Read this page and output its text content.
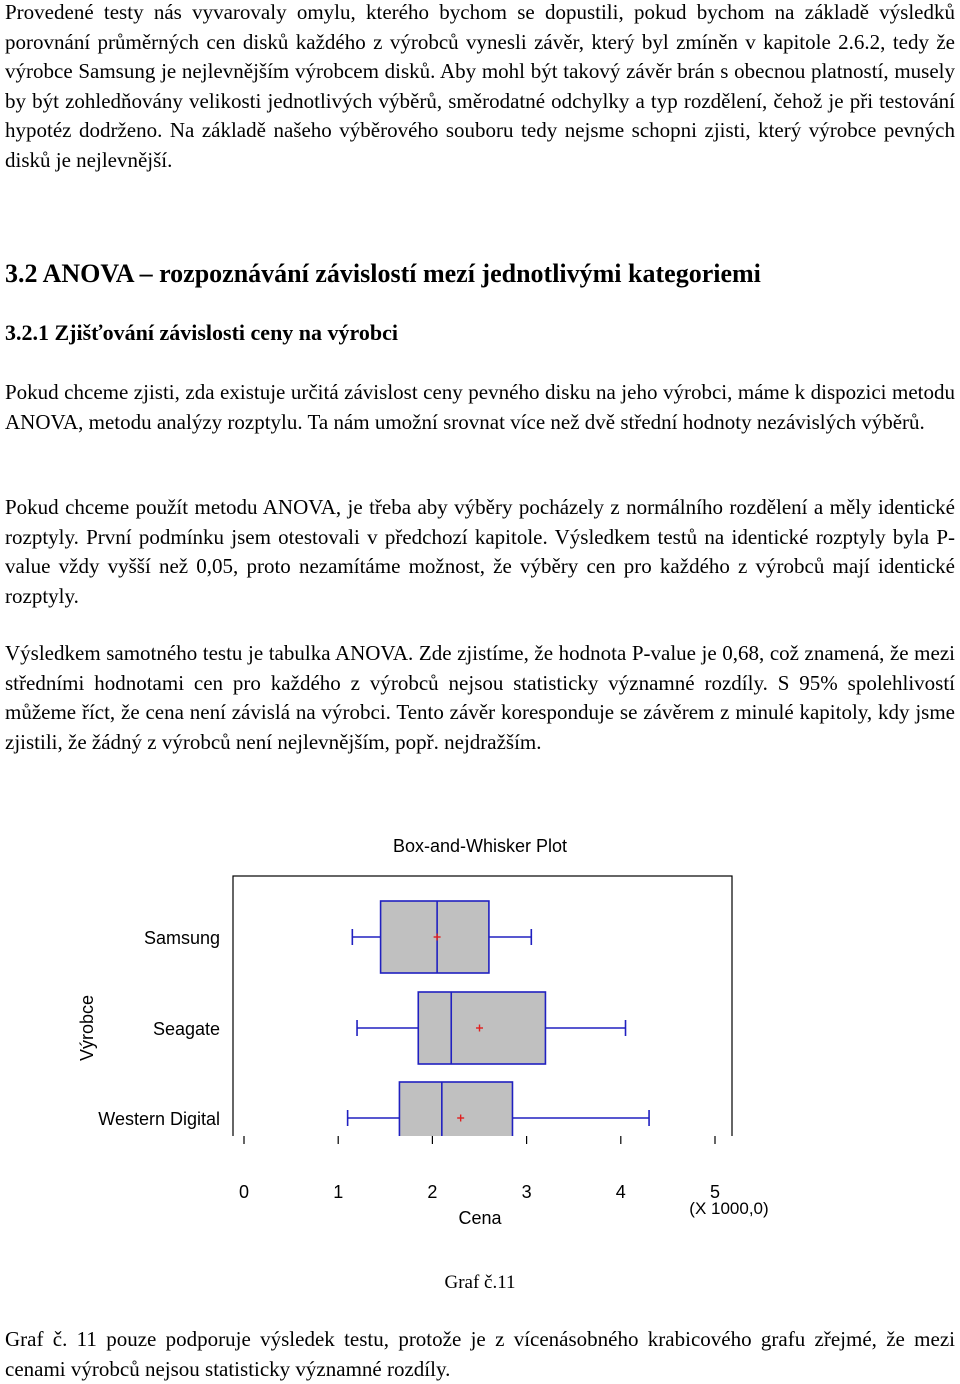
Provedené testy nás vyvarovaly omylu, kterého bychom se dopustili, pokud bychom na základě výsledků porovnání průměrných cen disků každého z výrobců vynesli závěr, který byl zmíněn v kapitole 2.6.2, tedy že výrobce Samsung je nejlevnějším výrobcem disků. Aby mohl být takový závěr brán s obecnou platností, musely by být zohledňovány velikosti jednotlivých výběrů, směrodatné odchylky a typ rozdělení, čehož je při testování hypotéz dodrženo. Na základě našeho výběrového souboru tedy nejsme schopni zjisti, který výrobce pevných disků je nejlevnější.

3.2 ANOVA – rozpoznávání závislostí mezí jednotlivými kategoriemi
3.2.1 Zjišťování závislosti ceny na výrobci

Pokud chceme zjisti, zda existuje určitá závislost ceny pevného disku na jeho výrobci, máme k dispozici metodu ANOVA, metodu analýzy rozptylu. Ta nám umožní srovnat více než dvě střední hodnoty nezávislých výběrů.

Pokud chceme použít metodu ANOVA, je třeba aby výběry pocházely z normálního rozdělení a měly identické rozptyly. První podmínku jsem otestovali v předchozí kapitole. Výsledkem testů na identické rozptyly byla P-value vždy vyšší než 0,05, proto nezamítáme možnost, že výběry cen pro každého z výrobců mají identické rozptyly.

Výsledkem samotného testu je tabulka ANOVA. Zde zjistíme, že hodnota P-value je 0,68, což znamená, že mezi středními hodnotami cen pro každého z výrobců nejsou statisticky významné rozdíly. S 95% spolehlivostí můžeme říct, že cena není závislá na výrobci. Tento závěr koresponduje se závěrem z minulé kapitoly, kdy jsme zjistili, že žádný z výrobců není nejlevnějším, popř. nejdražším.

Box-and-Whisker Plot
Samsung
Seagate
Western Digital
Výrobce
0	1	2	3	4	5
Cena	(X 1000,0)
Graf č.11

Graf č. 11 pouze podporuje výsledek testu, protože je z vícenásobného krabicového grafu zřejmé, že mezi cenami výrobců nejsou statisticky významné rozdíly.
